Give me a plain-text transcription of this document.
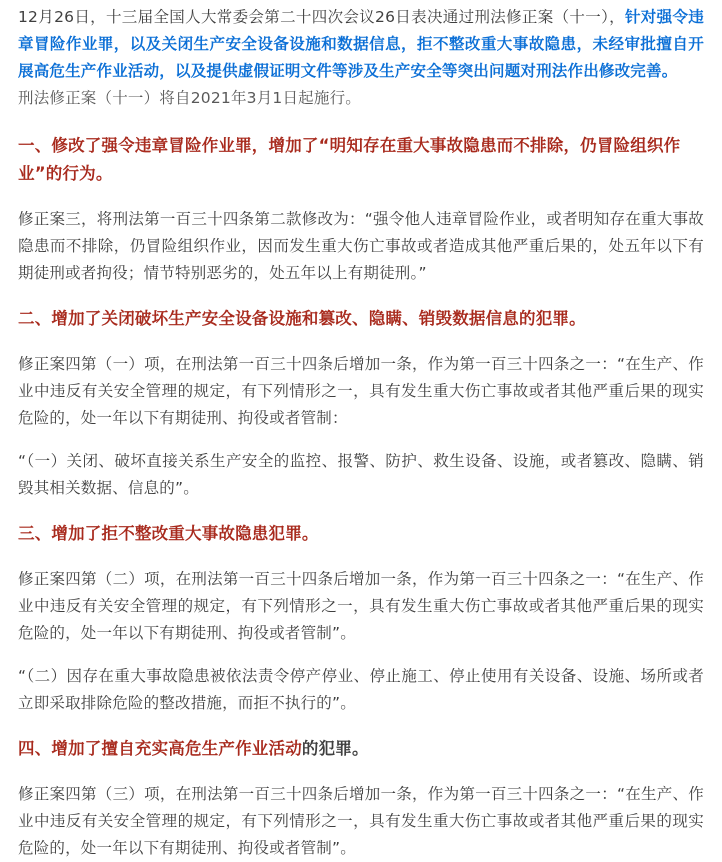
12月26日，十三届全国人大常委会第二十四次会议26日表决通过刑法修正案（十一），针对强令违章冒险作业罪，以及关闭生产安全设备设施和数据信息，拒不整改重大事故隐患，未经审批擅自开展高危生产作业活动，以及提供虚假证明文件等涉及生产安全等突出问题对刑法作出修改完善。

刑法修正案（十一）将自2021年3月1日起施行。

一、修改了强令违章冒险作业罪，增加了“明知存在重大事故隐患而不排除，仍冒险组织作业”的行为。

修正案三，将刑法第一百三十四条第二款修改为：“强令他人违章冒险作业，或者明知存在重大事故隐患而不排除，仍冒险组织作业，因而发生重大伤亡事故或者造成其他严重后果的，处五年以下有期徒刑或者拘役；情节特别恶劣的，处五年以上有期徒刑。”

二、增加了关闭破坏生产安全设备设施和篡改、隐瞒、销毁数据信息的犯罪。

修正案四第（一）项，在刑法第一百三十四条后增加一条，作为第一百三十四条之一：“在生产、作业中违反有关安全管理的规定，有下列情形之一，具有发生重大伤亡事故或者其他严重后果的现实危险的，处一年以下有期徒刑、拘役或者管制：

“（一）关闭、破坏直接关系生产安全的监控、报警、防护、救生设备、设施，或者篡改、隐瞒、销毁其相关数据、信息的”。

三、增加了拒不整改重大事故隐患犯罪。

修正案四第（二）项，在刑法第一百三十四条后增加一条，作为第一百三十四条之一：“在生产、作业中违反有关安全管理的规定，有下列情形之一，具有发生重大伤亡事故或者其他严重后果的现实危险的，处一年以下有期徒刑、拘役或者管制”。

“（二）因存在重大事故隐患被依法责令停产停业、停止施工、停止使用有关设备、设施、场所或者立即采取排除危险的整改措施，而拒不执行的”。

四、增加了擅自充实高危生产作业活动的犯罪。

修正案四第（三）项，在刑法第一百三十四条后增加一条，作为第一百三十四条之一：“在生产、作业中违反有关安全管理的规定，有下列情形之一，具有发生重大伤亡事故或者其他严重后果的现实危险的，处一年以下有期徒刑、拘役或者管制”。
